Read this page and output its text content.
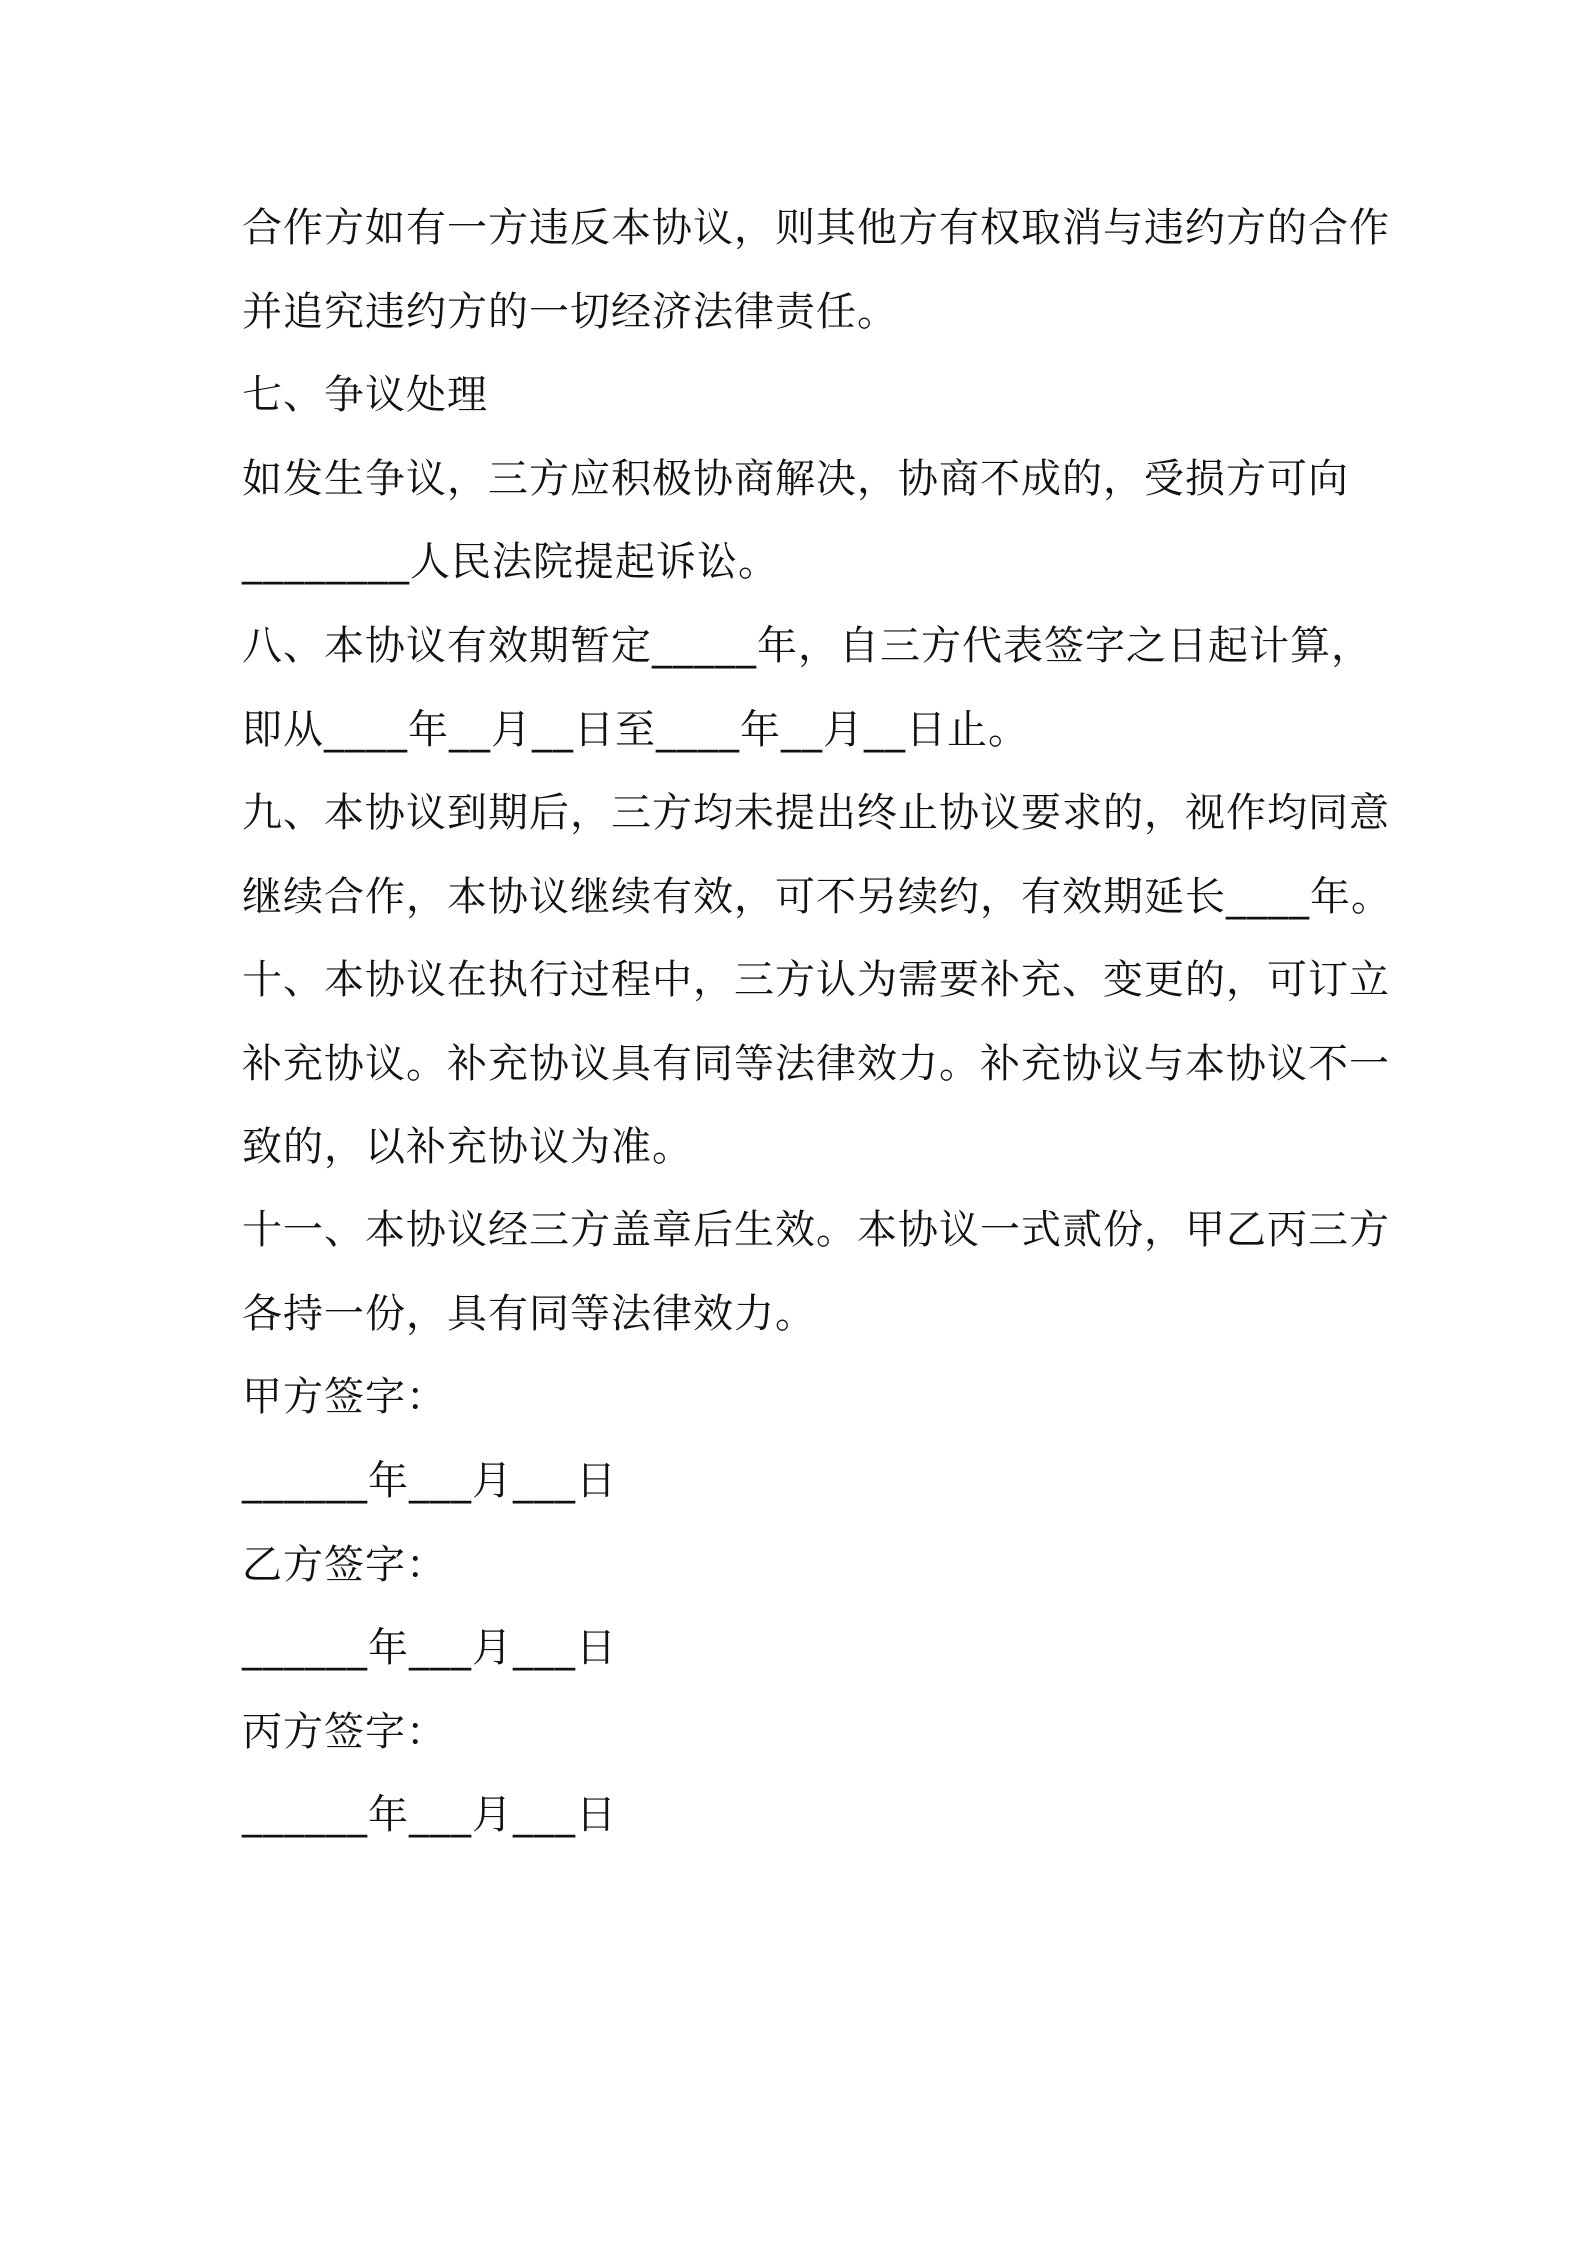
合作方如有一方违反本协议，则其他方有权取消与违约方的合作
并追究违约方的一切经济法律责任。
七、争议处理
如发生争议，三方应积极协商解决，协商不成的，受损方可向
________人民法院提起诉讼。
八、本协议有效期暂定_____年，自三方代表签字之日起计算，
即从____年__月__日至____年__月__日止。
九、本协议到期后，三方均未提出终止协议要求的，视作均同意
继续合作，本协议继续有效，可不另续约，有效期延长____年。
十、本协议在执行过程中，三方认为需要补充、变更的，可订立
补充协议。补充协议具有同等法律效力。补充协议与本协议不一
致的，以补充协议为准。
十一、本协议经三方盖章后生效。本协议一式贰份，甲乙丙三方
各持一份，具有同等法律效力。
甲方签字：
______年___月___日
乙方签字：
______年___月___日
丙方签字：
______年___月___日
